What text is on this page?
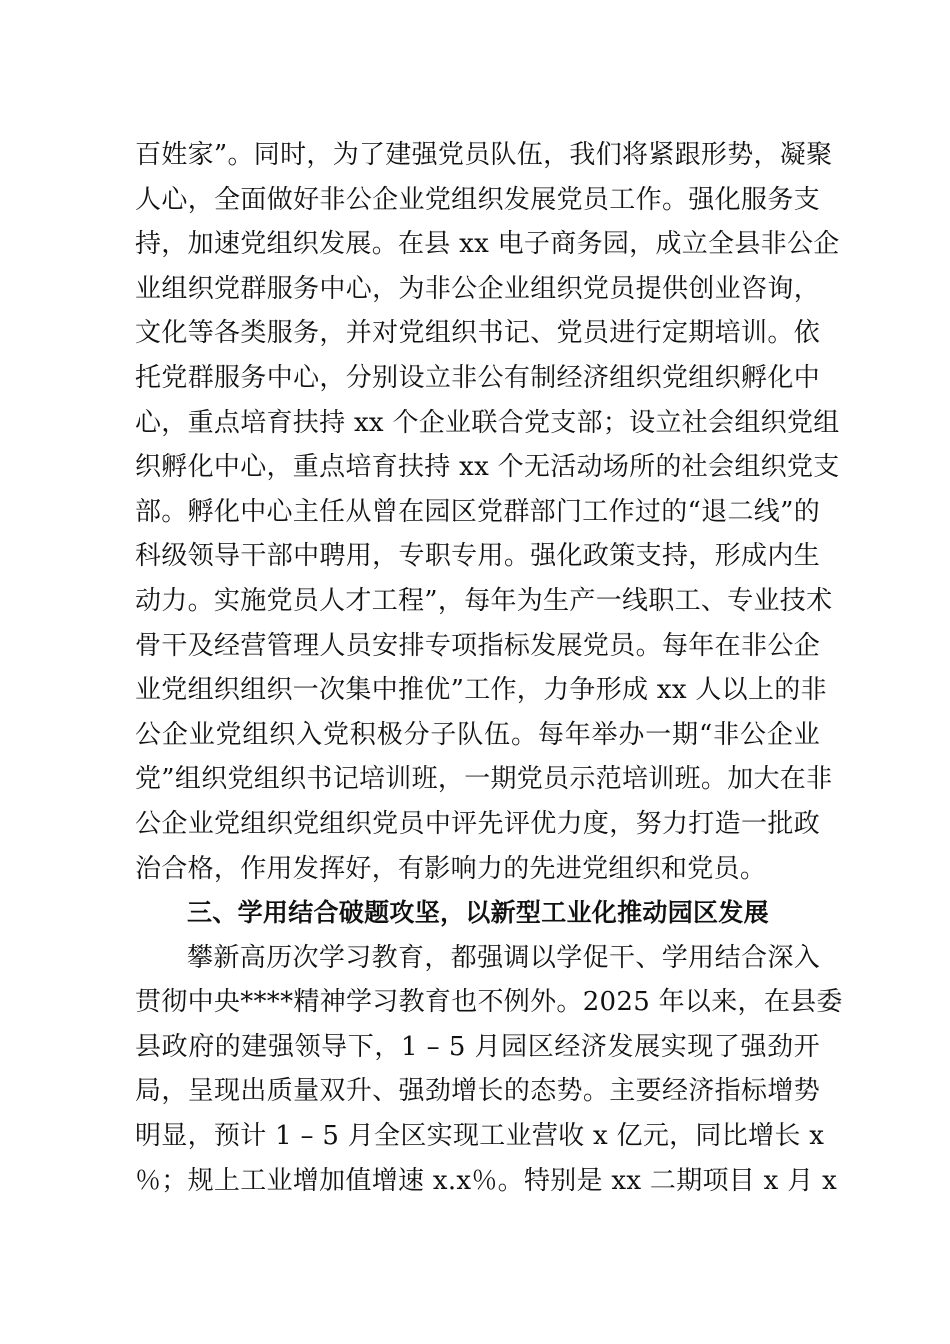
百姓家”。同时，为了建强党员队伍，我们将紧跟形势，凝聚
人心，全面做好非公企业党组织发展党员工作。强化服务支
持，加速党组织发展。在县 xx 电子商务园，成立全县非公企
业组织党群服务中心，为非公企业组织党员提供创业咨询，
文化等各类服务，并对党组织书记、党员进行定期培训。依
托党群服务中心，分别设立非公有制经济组织党组织孵化中
心，重点培育扶持 xx 个企业联合党支部；设立社会组织党组
织孵化中心，重点培育扶持 xx 个无活动场所的社会组织党支
部。孵化中心主任从曾在园区党群部门工作过的“退二线”的
科级领导干部中聘用，专职专用。强化政策支持，形成内生
动力。实施党员人才工程”，每年为生产一线职工、专业技术
骨干及经营管理人员安排专项指标发展党员。每年在非公企
业党组织组织一次集中推优”工作，力争形成 xx 人以上的非
公企业党组织入党积极分子队伍。每年举办一期“非公企业
党”组织党组织书记培训班，一期党员示范培训班。加大在非
公企业党组织党组织党员中评先评优力度，努力打造一批政
治合格，作用发挥好，有影响力的先进党组织和党员。
三、学用结合破题攻坚，以新型工业化推动园区发展
攀新高历次学习教育，都强调以学促干、学用结合深入
贯彻中央****精神学习教育也不例外。2025 年以来，在县委
县政府的建强领导下，1 – 5 月园区经济发展实现了强劲开
局，呈现出质量双升、强劲增长的态势。主要经济指标增势
明显，预计 1 – 5 月全区实现工业营收 x 亿元，同比增长 x
％；规上工业增加值增速 x.x％。特别是 xx 二期项目 x 月 x
